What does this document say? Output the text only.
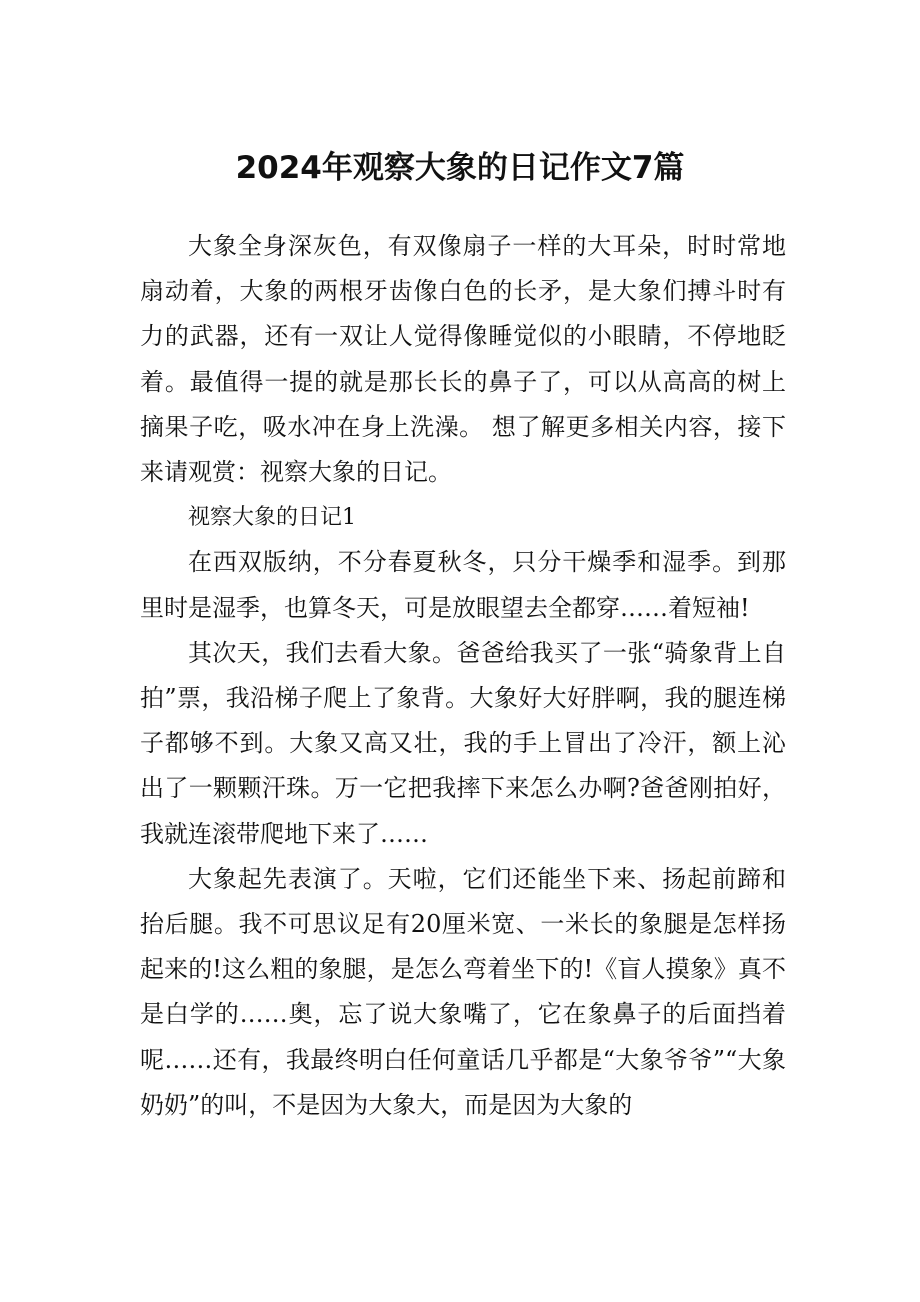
2024年观察大象的日记作文7篇

大象全身深灰色，有双像扇子一样的大耳朵，时时常地扇动着，大象的两根牙齿像白色的长矛，是大象们搏斗时有力的武器，还有一双让人觉得像睡觉似的小眼睛，不停地眨着。最值得一提的就是那长长的鼻子了，可以从高高的树上摘果子吃，吸水冲在身上洗澡。 想了解更多相关内容，接下来请观赏：视察大象的日记。

视察大象的日记1

在西双版纳，不分春夏秋冬，只分干燥季和湿季。到那里时是湿季，也算冬天，可是放眼望去全都穿……着短袖!

其次天，我们去看大象。爸爸给我买了一张“骑象背上自拍”票，我沿梯子爬上了象背。大象好大好胖啊，我的腿连梯子都够不到。大象又高又壮，我的手上冒出了冷汗，额上沁出了一颗颗汗珠。万一它把我摔下来怎么办啊?爸爸刚拍好，我就连滚带爬地下来了……

大象起先表演了。天啦，它们还能坐下来、扬起前蹄和抬后腿。我不可思议足有20厘米宽、一米长的象腿是怎样扬起来的!这么粗的象腿，是怎么弯着坐下的!《盲人摸象》真不是白学的……奥，忘了说大象嘴了，它在象鼻子的后面挡着呢……还有，我最终明白任何童话几乎都是“大象爷爷”“大象奶奶”的叫，不是因为大象大，而是因为大象的
